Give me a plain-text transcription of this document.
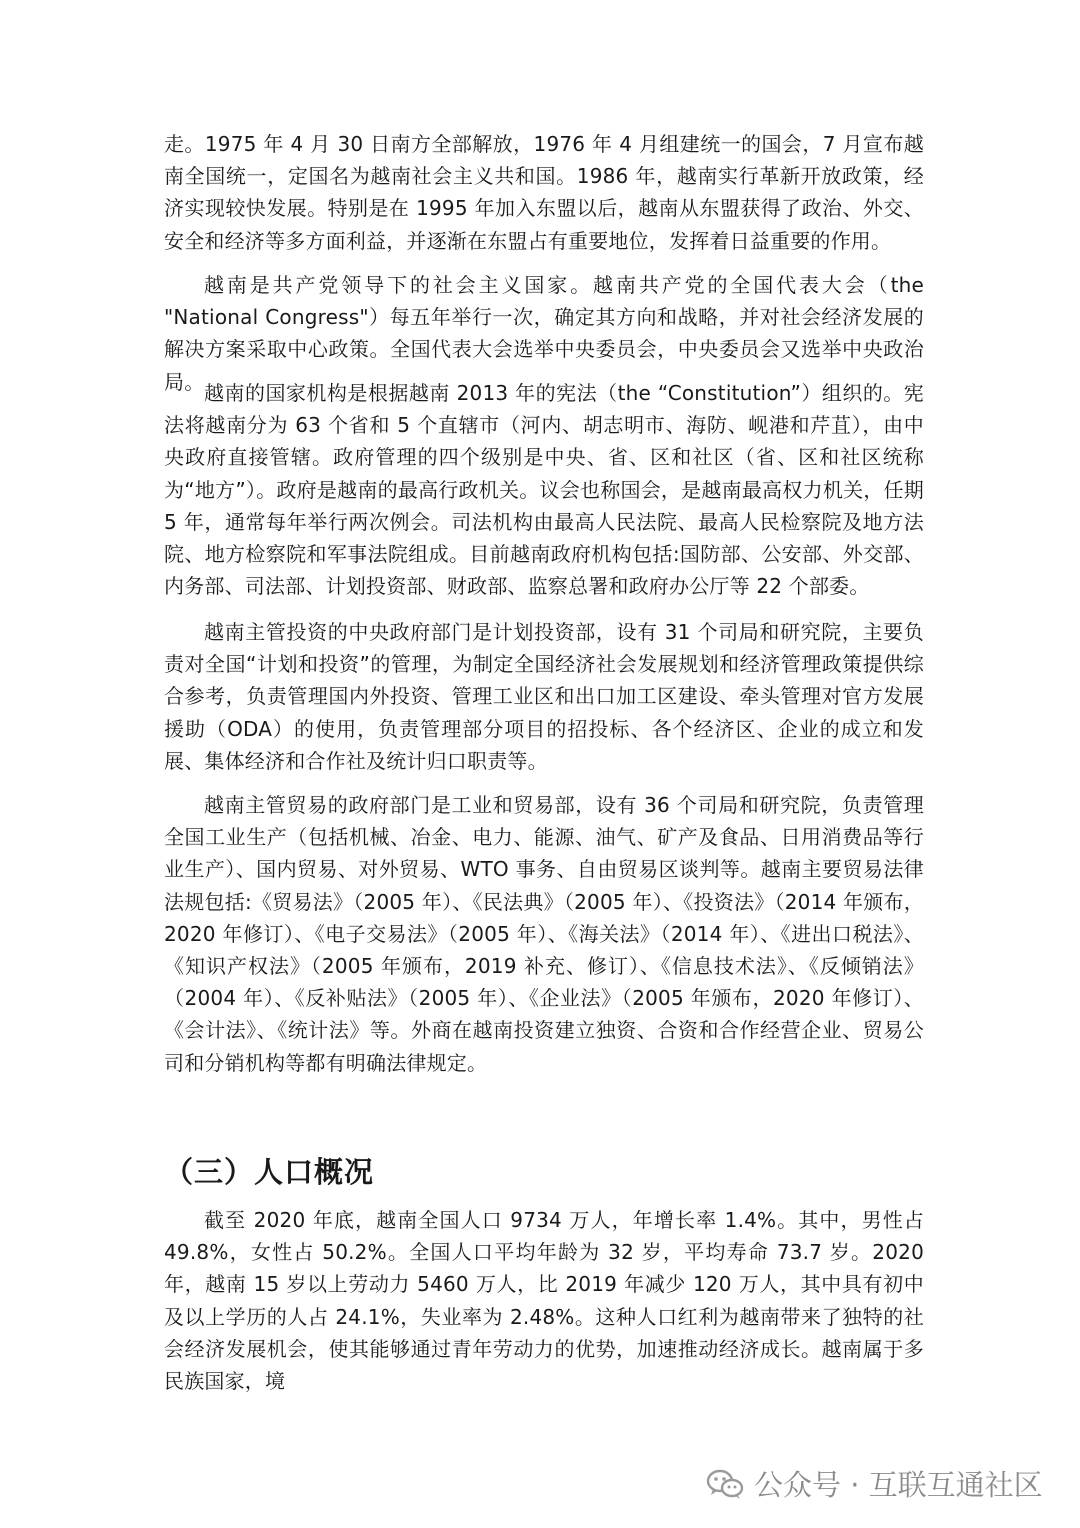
走。1975 年 4 月 30 日南方全部解放，1976 年 4 月组建统一的国会，7 月宣布越南全国统一，定国名为越南社会主义共和国。1986 年，越南实行革新开放政策，经济实现较快发展。特别是在 1995 年加入东盟以后，越南从东盟获得了政治、外交、安全和经济等多方面利益，并逐渐在东盟占有重要地位，发挥着日益重要的作用。

越南是共产党领导下的社会主义国家。越南共产党的全国代表大会（the "National Congress"）每五年举行一次，确定其方向和战略，并对社会经济发展的解决方案采取中心政策。全国代表大会选举中央委员会，中央委员会又选举中央政治局。 越南的国家机构是根据越南 2013 年的宪法（the “Constitution”）组织的。宪法将越南分为 63 个省和 5 个直辖市（河内、胡志明市、海防、岘港和芹苴），由中央政府直接管辖。政府管理的四个级别是中央、省、区和社区（省、区和社区统称为“地方”）。政府是越南的最高行政机关。议会也称国会，是越南最高权力机关，任期 5 年，通常每年举行两次例会。司法机构由最高人民法院、最高人民检察院及地方法院、地方检察院和军事法院组成。目前越南政府机构包括:国防部、公安部、外交部、内务部、司法部、计划投资部、财政部、监察总署和政府办公厅等 22 个部委。

越南主管投资的中央政府部门是计划投资部，设有 31 个司局和研究院，主要负责对全国“计划和投资”的管理，为制定全国经济社会发展规划和经济管理政策提供综合参考，负责管理国内外投资、管理工业区和出口加工区建设、牵头管理对官方发展援助（ODA）的使用，负责管理部分项目的招投标、各个经济区、企业的成立和发展、集体经济和合作社及统计归口职责等。

越南主管贸易的政府部门是工业和贸易部，设有 36 个司局和研究院，负责管理全国工业生产（包括机械、冶金、电力、能源、油气、矿产及食品、日用消费品等行业生产）、国内贸易、对外贸易、WTO 事务、自由贸易区谈判等。越南主要贸易法律法规包括:《贸易法》（2005 年）、《民法典》（2005 年）、《投资法》（2014 年颁布，2020 年修订）、《电子交易法》（2005 年）、《海关法》（2014 年）、《进出口税法》、《知识产权法》（2005 年颁布，2019 补充、修订）、《信息技术法》、《反倾销法》（2004 年）、《反补贴法》（2005 年）、《企业法》（2005 年颁布，2020 年修订）、《会计法》、《统计法》等。外商在越南投资建立独资、合资和合作经营企业、贸易公司和分销机构等都有明确法律规定。

（三）人口概况

截至 2020 年底，越南全国人口 9734 万人，年增长率 1.4%。其中，男性占 49.8%，女性占 50.2%。全国人口平均年龄为 32 岁，平均寿命 73.7 岁。2020 年，越南 15 岁以上劳动力 5460 万人，比 2019 年减少 120 万人，其中具有初中及以上学历的人占 24.1%，失业率为 2.48%。这种人口红利为越南带来了独特的社会经济发展机会，使其能够通过青年劳动力的优势，加速推动经济成长。越南属于多民族国家，境

公众号 · 互联互通社区
